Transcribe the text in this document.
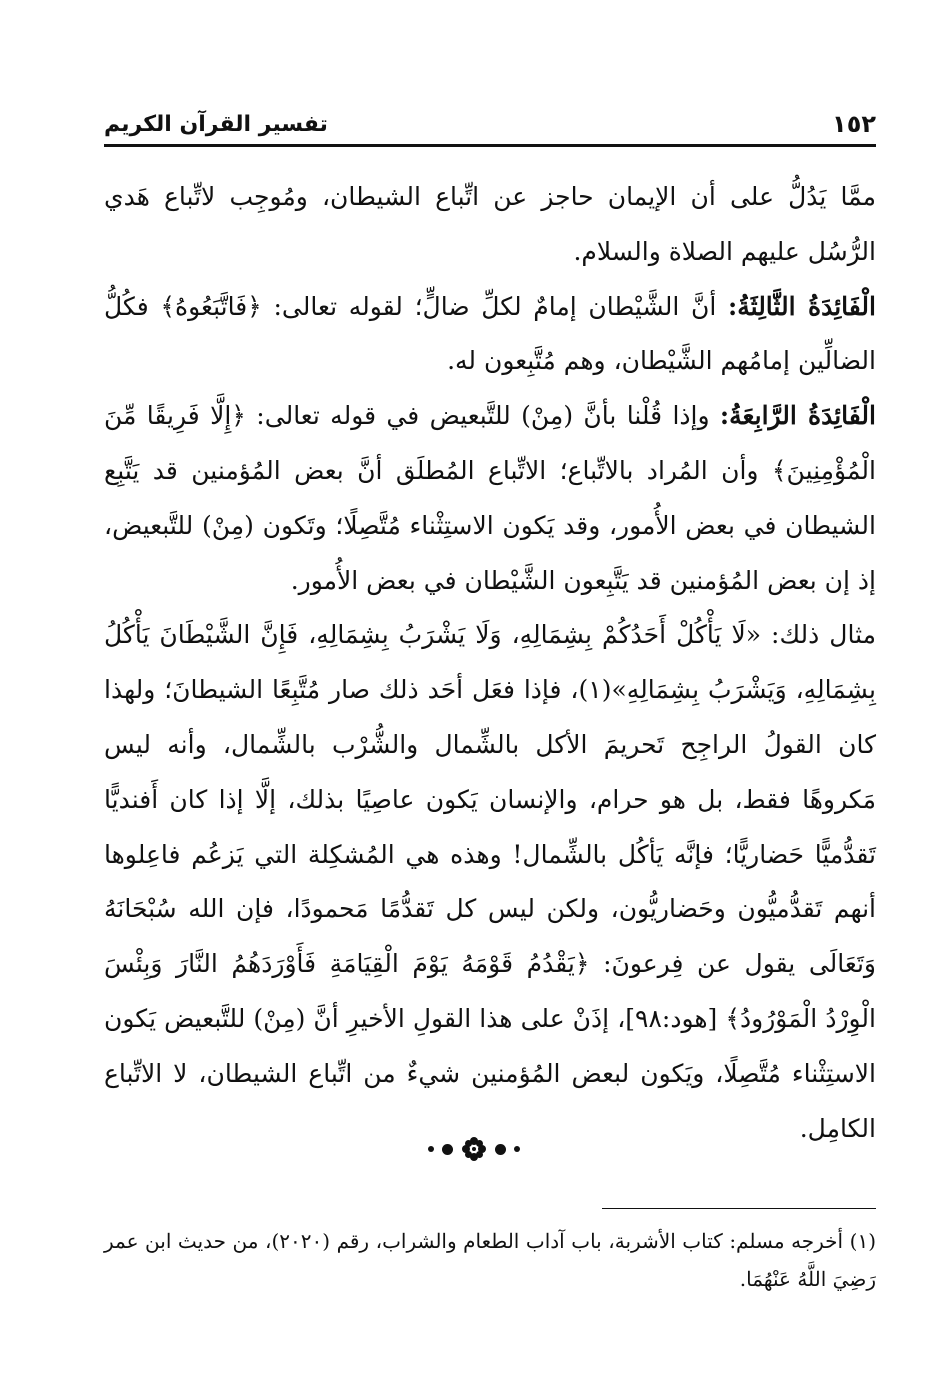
١٥٢
تفسير القرآن الكريم

ممَّا يَدُلُّ على أن الإيمان حاجز عن اتِّباع الشيطان، ومُوجِب لاتِّباع هَدي الرُّسُل عليهم الصلاة والسلام.

الْفَائِدَةُ الثَّالِثَةُ: أنَّ الشَّيْطان إمامٌ لكلِّ ضالٍّ؛ لقوله تعالى: ﴿فَاتَّبَعُوهُ﴾ فكُلُّ الضالِّين إمامُهم الشَّيْطان، وهم مُتَّبِعون له.

الْفَائِدَةُ الرَّابِعَةُ: وإذا قُلْنا بأنَّ (مِنْ) للتَّبعيض في قوله تعالى: ﴿إِلَّا فَرِيقًا مِّنَ الْمُؤْمِنِينَ﴾ وأن المُراد بالاتِّباع؛ الاتِّباع المُطلَق أنَّ بعض المُؤمنين قد يَتَّبِع الشيطان في بعض الأُمور، وقد يَكون الاستِثْناء مُتَّصِلًا؛ وتَكون (مِنْ) للتَّبعيض، إذ إن بعض المُؤمنين قد يَتَّبِعون الشَّيْطان في بعض الأُمور.

مثال ذلك: «لَا يَأْكُلْ أَحَدُكُمْ بِشِمَالِهِ، وَلَا يَشْرَبُ بِشِمَالِهِ، فَإِنَّ الشَّيْطَانَ يَأْكُلُ بِشِمَالِهِ، وَيَشْرَبُ بِشِمَالِهِ»(١)، فإذا فعَل أحَد ذلك صار مُتَّبِعًا الشيطانَ؛ ولهذا كان القولُ الراجِح تَحريمَ الأكل بالشِّمال والشُّرْب بالشِّمال، وأنه ليس مَكروهًا فقط، بل هو حرام، والإنسان يَكون عاصِيًا بذلك، إلَّا إذا كان أَفنديًّا تَقدُّميًّا حَضاريًّا؛ فإنَّه يَأكُل بالشِّمال! وهذه هي المُشكِلة التي يَزعُم فاعِلوها أنهم تَقدُّميُّون وحَضاريُّون، ولكن ليس كل تَقدُّمًا مَحمودًا، فإن الله سُبْحَانَهُ وَتَعَالَى يقول عن فِرعونَ: ﴿يَقْدُمُ قَوْمَهُ يَوْمَ الْقِيَامَةِ فَأَوْرَدَهُمُ النَّارَ وَبِئْسَ الْوِرْدُ الْمَوْرُودُ﴾ [هود:٩٨]، إذَنْ على هذا القولِ الأخيرِ أنَّ (مِنْ) للتَّبعيض يَكون الاستِثْناء مُتَّصِلًا، ويَكون لبعض المُؤمنين شيءٌ من اتِّباع الشيطان، لا الاتِّباع الكامِل.

(١) أخرجه مسلم: كتاب الأشربة، باب آداب الطعام والشراب، رقم (٢٠٢٠)، من حديث ابن عمر رَضِيَ اللَّهُ عَنْهُمَا.
